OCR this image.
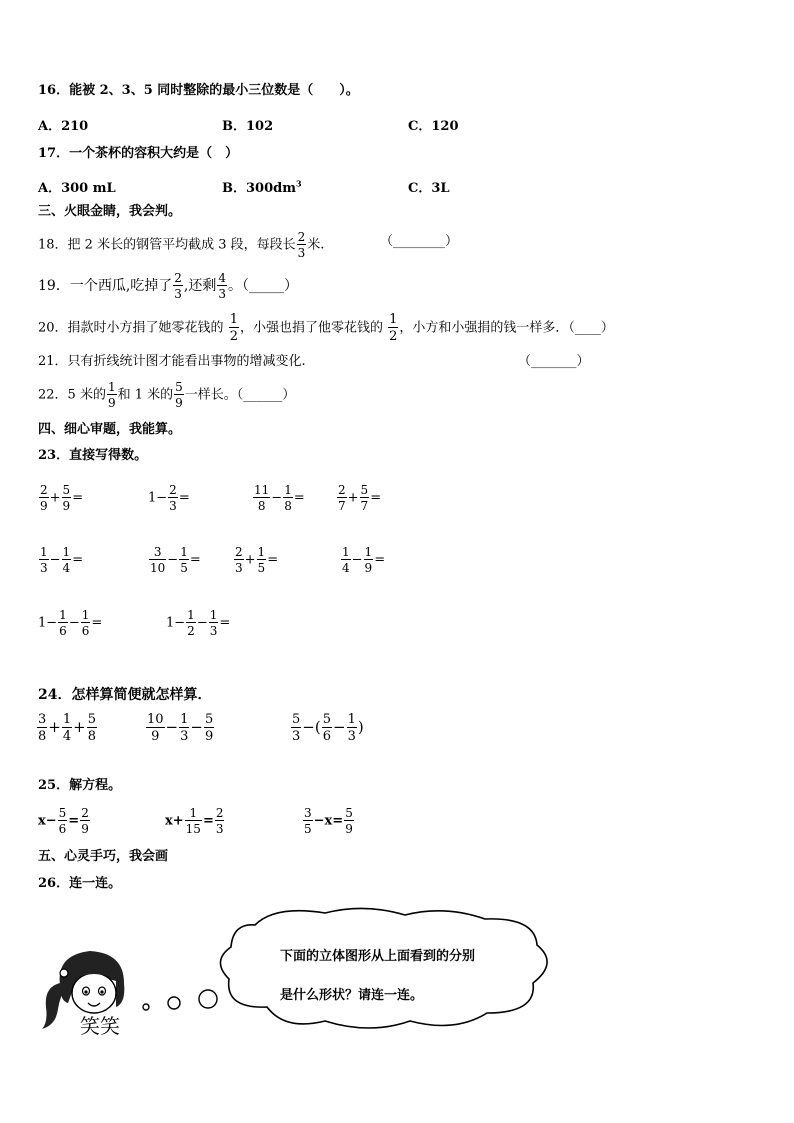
16．能被 2、3、5 同时整除的最小三位数是（　　）。
A．210	B．102	C．120
17．一个茶杯的容积大约是（　）
A．300 mL	B．$300dm^3$	C．3L
三、火眼金睛，我会判。
18．把 2 米长的钢管平均截成 3 段，每段长 $\frac{2}{3}$ 米.	（________）
19．一个西瓜,吃掉了 $\frac{2}{3}$ ,还剩 $\frac{4}{3}$ 。（_____）
20．捐款时小方捐了她零花钱的 $\frac{1}{2}$ ，小强也捐了他零花钱的 $\frac{1}{2}$ ，小方和小强捐的钱一样多．（____）
21．只有折线统计图才能看出事物的增减变化.	（_______）
22．5 米的 $\frac{1}{9}$ 和 1 米的 $\frac{5}{9}$ 一样长。（______）
四、细心审题，我能算。
23．直接写得数。
$\frac{2}{9} + \frac{5}{9}$ =	$1- \frac{2}{3}$ =	$\frac{11}{8} - \frac{1}{8}$ =	$\frac{2}{7} + \frac{5}{7}$ =
$\frac{1}{3} - \frac{1}{4}$ =	$\frac{3}{10} - \frac{1}{5}$ =	$\frac{2}{3} + \frac{1}{5}$ =	$\frac{1}{4} - \frac{1}{9}$ =
$1- \frac{1}{6} - \frac{1}{6}$ =	$1- \frac{1}{2} - \frac{1}{3}$ =
24．怎样算简便就怎样算．
$\frac{3}{8} + \frac{1}{4} + \frac{5}{8}$	$\frac{10}{9} - \frac{1}{3} - \frac{5}{9}$	$\frac{5}{3}$ −( $\frac{5}{6} - \frac{1}{3}$ )
25．解方程。
$x- \frac{5}{6} = \frac{2}{9}$	$x+ \frac{1}{15} = \frac{2}{3}$	$\frac{3}{5} -x= \frac{5}{9}$
五、心灵手巧，我会画
26．连一连。
下面的立体图形从上面看到的分别
是什么形状？请连一连。
笑笑
